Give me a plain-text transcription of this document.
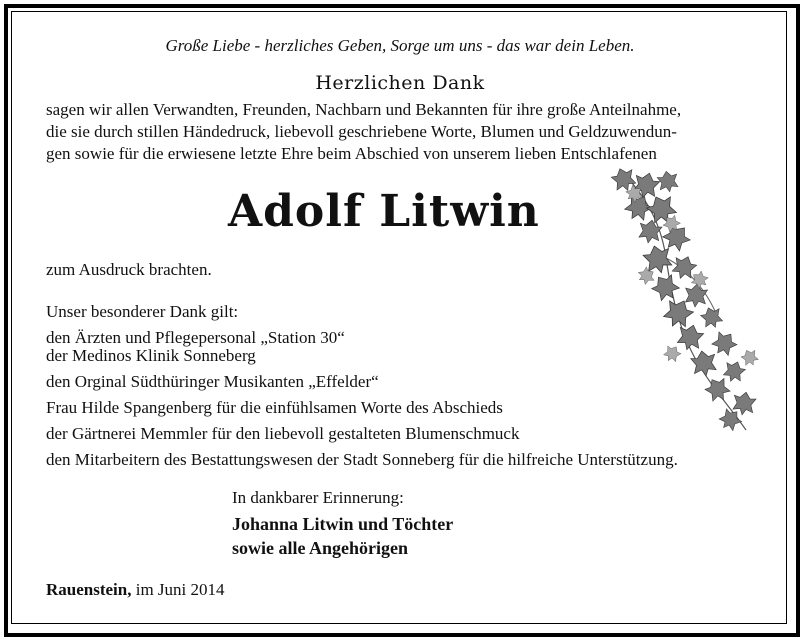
Große Liebe - herzliches Geben, Sorge um uns - das war dein Leben.
Herzlichen Dank
sagen wir allen Verwandten, Freunden, Nachbarn und Bekannten für ihre große Anteilnahme,
die sie durch stillen Händedruck, liebevoll geschriebene Worte, Blumen und Geldzuwendun-
gen sowie für die erwiesene letzte Ehre beim Abschied von unserem lieben Entschlafenen
Adolf Litwin
zum Ausdruck brachten.
Unser besonderer Dank gilt:
den Ärzten und Pflegepersonal „Station 30“
der Medinos Klinik Sonneberg
den Orginal Südthüringer Musikanten „Effelder“
Frau Hilde Spangenberg für die einfühlsamen Worte des Abschieds
der Gärtnerei Memmler für den liebevoll gestalteten Blumenschmuck
den Mitarbeitern des Bestattungswesen der Stadt Sonneberg für die hilfreiche Unterstützung.
In dankbarer Erinnerung:
Johanna Litwin und Töchter
sowie alle Angehörigen
Rauenstein, im Juni 2014
